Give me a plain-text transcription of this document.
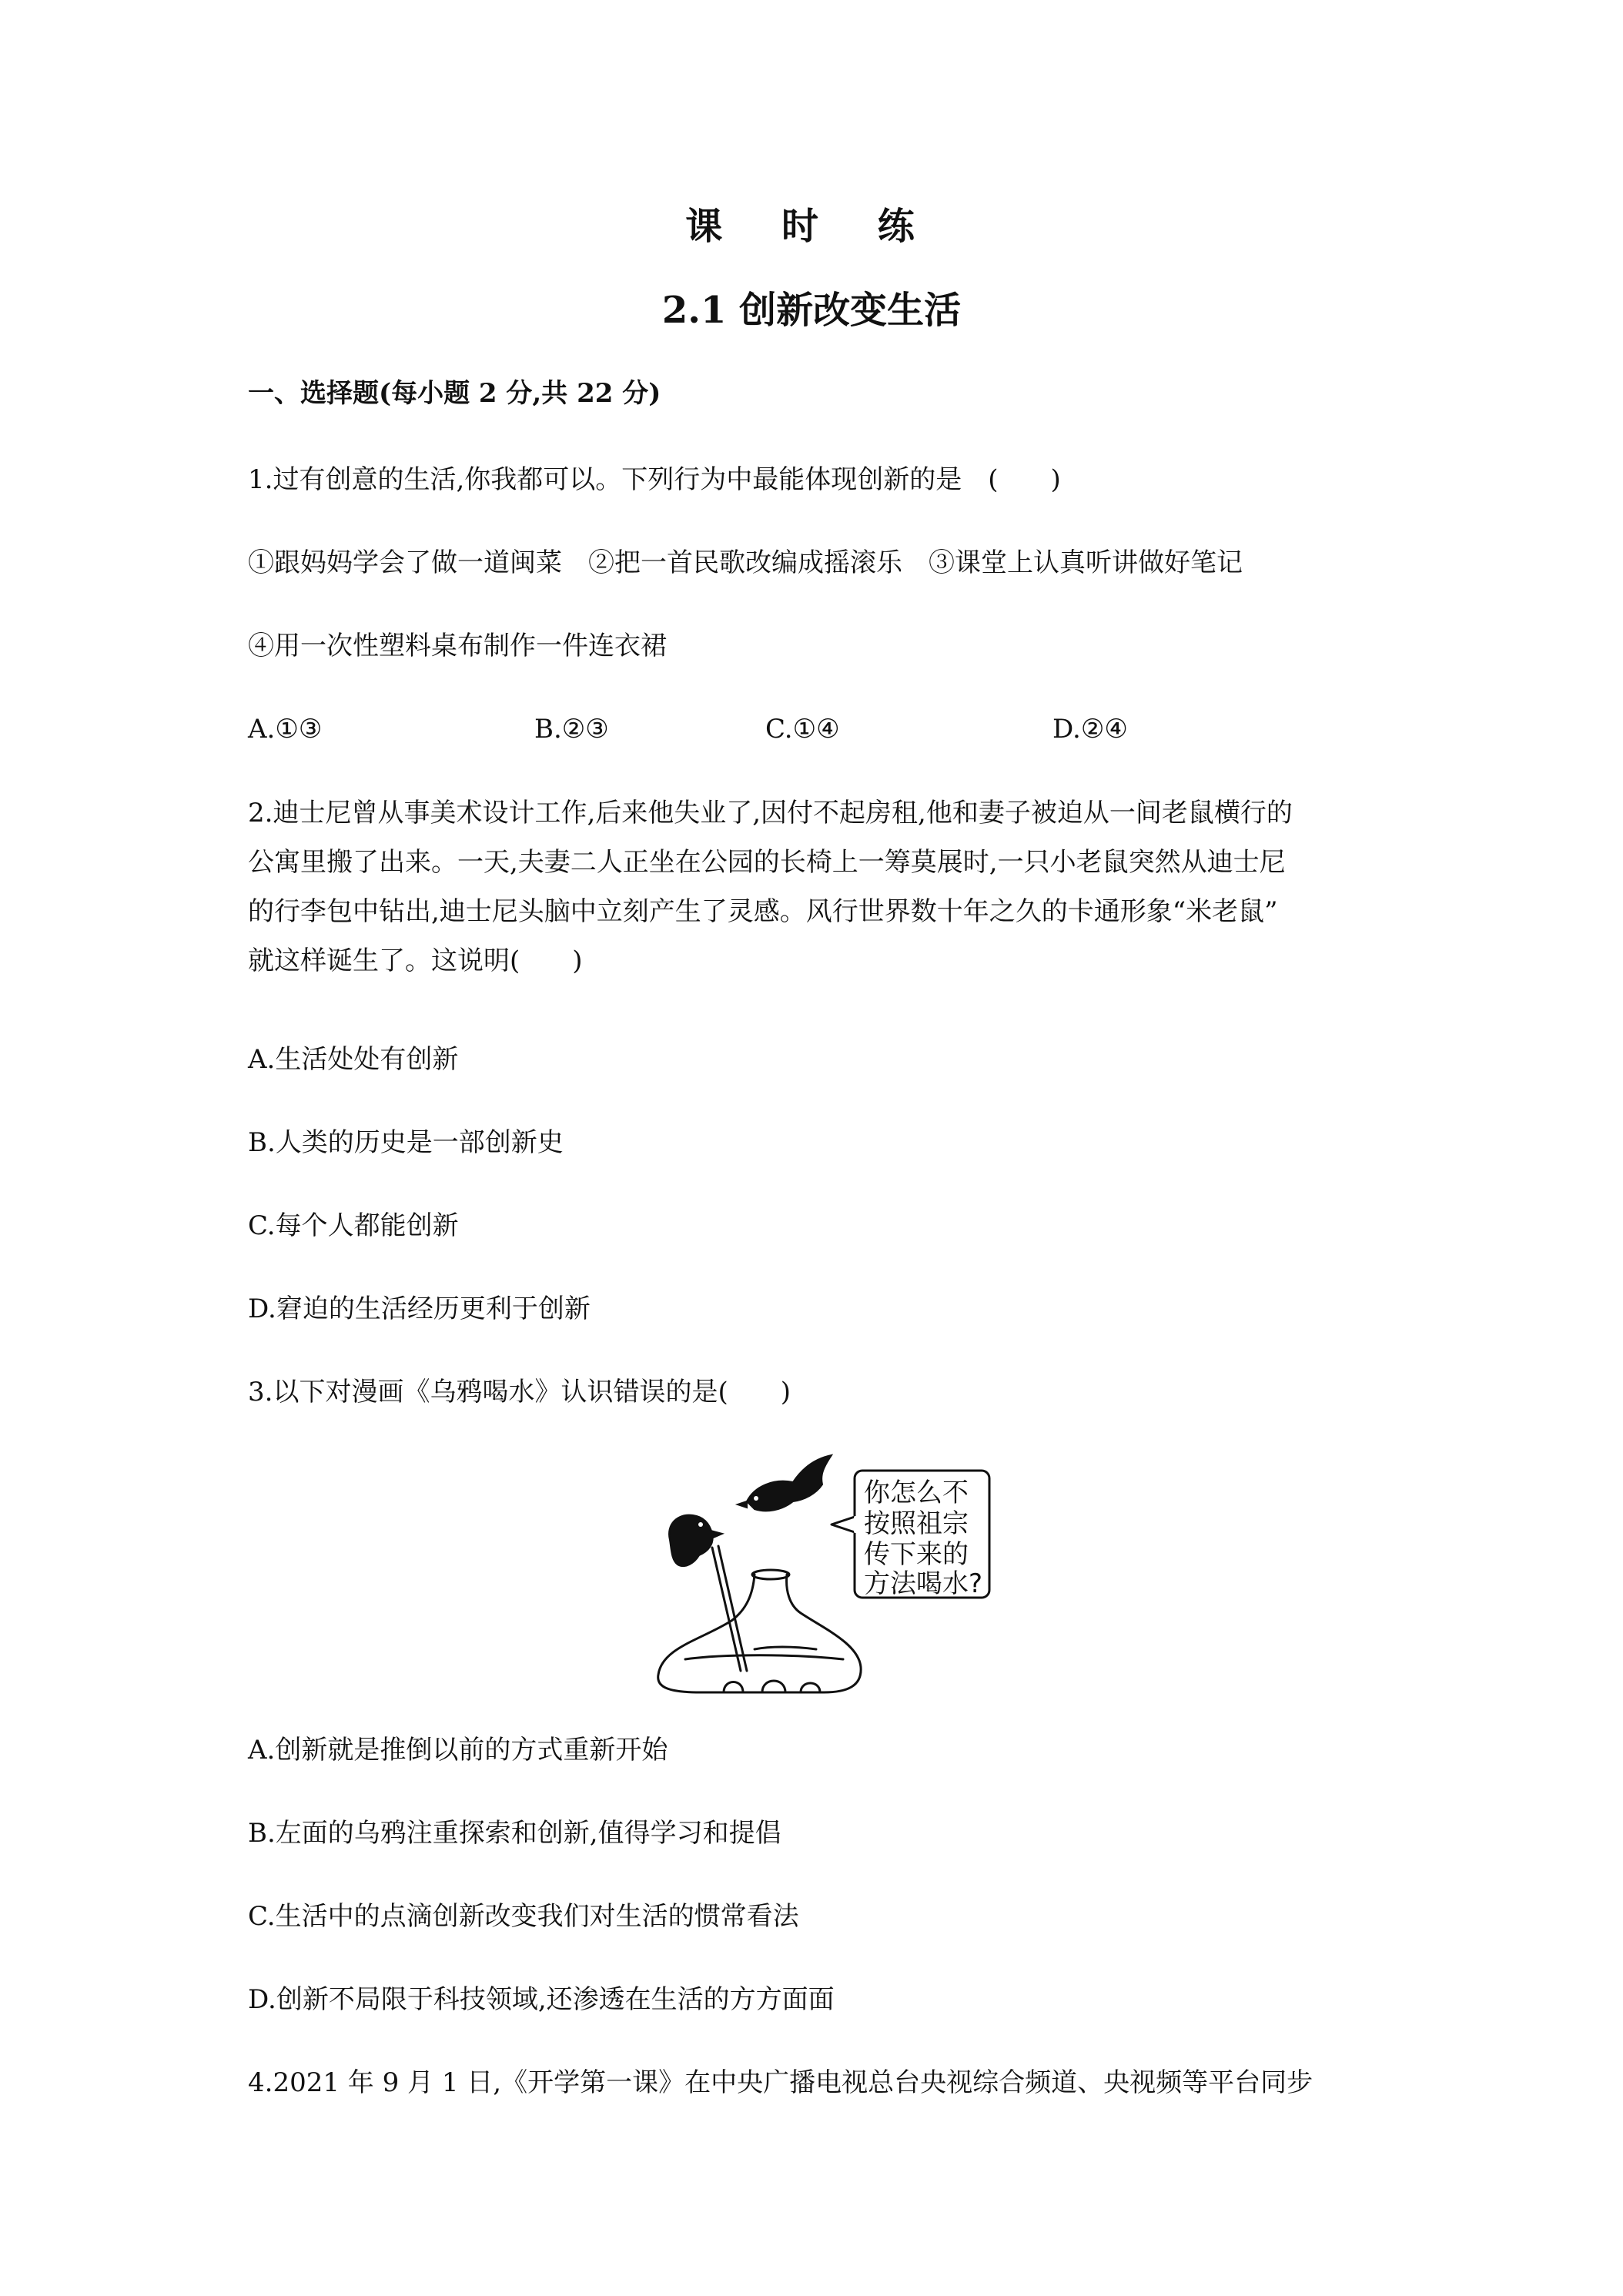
课 时 练
2.1 创新改变生活
一、选择题(每小题 2 分,共 22 分)
1.过有创意的生活,你我都可以。下列行为中最能体现创新的是　(　　)
①跟妈妈学会了做一道闽菜　②把一首民歌改编成摇滚乐　③课堂上认真听讲做好笔记
④用一次性塑料桌布制作一件连衣裙
A.①③	B.②③	C.①④	D.②④
2.迪士尼曾从事美术设计工作,后来他失业了,因付不起房租,他和妻子被迫从一间老鼠横行的
公寓里搬了出来。一天,夫妻二人正坐在公园的长椅上一筹莫展时,一只小老鼠突然从迪士尼
的行李包中钻出,迪士尼头脑中立刻产生了灵感。风行世界数十年之久的卡通形象“米老鼠”
就这样诞生了。这说明(　　)
A.生活处处有创新
B.人类的历史是一部创新史
C.每个人都能创新
D.窘迫的生活经历更利于创新
3.以下对漫画《乌鸦喝水》认识错误的是(　　)
你怎么不
按照祖宗
传下来的
方法喝水?
A.创新就是推倒以前的方式重新开始
B.左面的乌鸦注重探索和创新,值得学习和提倡
C.生活中的点滴创新改变我们对生活的惯常看法
D.创新不局限于科技领域,还渗透在生活的方方面面
4.2021 年 9 月 1 日,《开学第一课》在中央广播电视总台央视综合频道、央视频等平台同步
